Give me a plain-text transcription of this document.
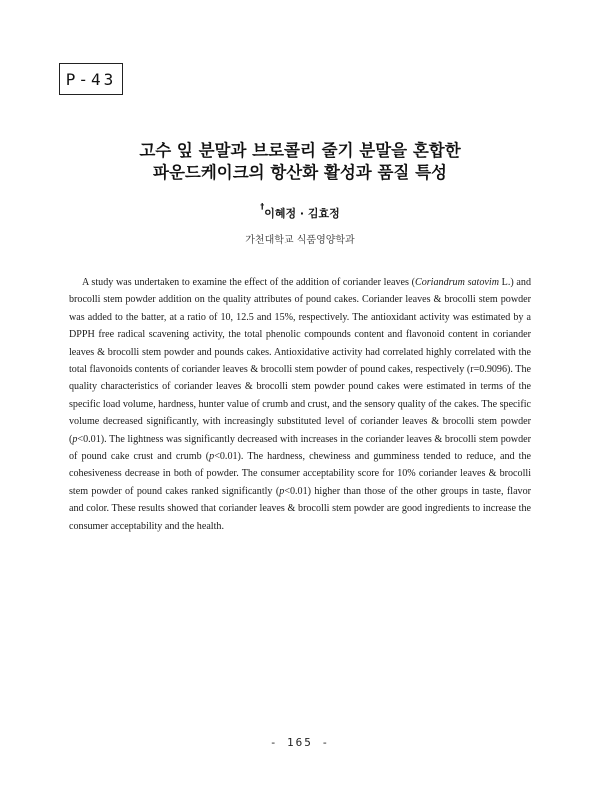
P-43
고수 잎 분말과 브로콜리 줄기 분말을 혼합한
파운드케이크의 항산화 활성과 품질 특성
†이혜정 · 김효정
가천대학교 식품영양학과

A study was undertaken to examine the effect of the addition of coriander leaves (Coriandrum satovim L.) and brocolli stem powder addition on the quality attributes of pound cakes. Coriander leaves & brocolli stem powder was added to the batter, at a ratio of 10, 12.5 and 15%, respectively. The antioxidant activity was estimated by a DPPH free radical scavening activity, the total phenolic compounds content and flavonoid content in coriander leaves & brocolli stem powder and pounds cakes. Antioxidative activity had correlated highly correlated with the total flavonoids contents of coriander leaves & brocolli stem powder of pound cakes, respectively (r=0.9096). The quality characteristics of coriander leaves & brocolli stem powder pound cakes were estimated in terms of the specific load volume, hardness, hunter value of crumb and crust, and the sensory quality of the cakes. The specific volume decreased significantly, with increasingly substituted level of coriander leaves & brocolli stem powder (p<0.01). The lightness was significantly decreased with increases in the coriander leaves & brocolli stem powder of pound cake crust and crumb (p<0.01). The hardness, chewiness and gumminess tended to reduce, and the cohesiveness decrease in both of powder. The consumer acceptability score for 10% coriander leaves & brocolli stem powder of pound cakes ranked significantly (p<0.01) higher than those of the other groups in taste, flavor and color. These results showed that coriander leaves & brocolli stem powder are good ingredients to increase the consumer acceptability and the health.

- 165 -
